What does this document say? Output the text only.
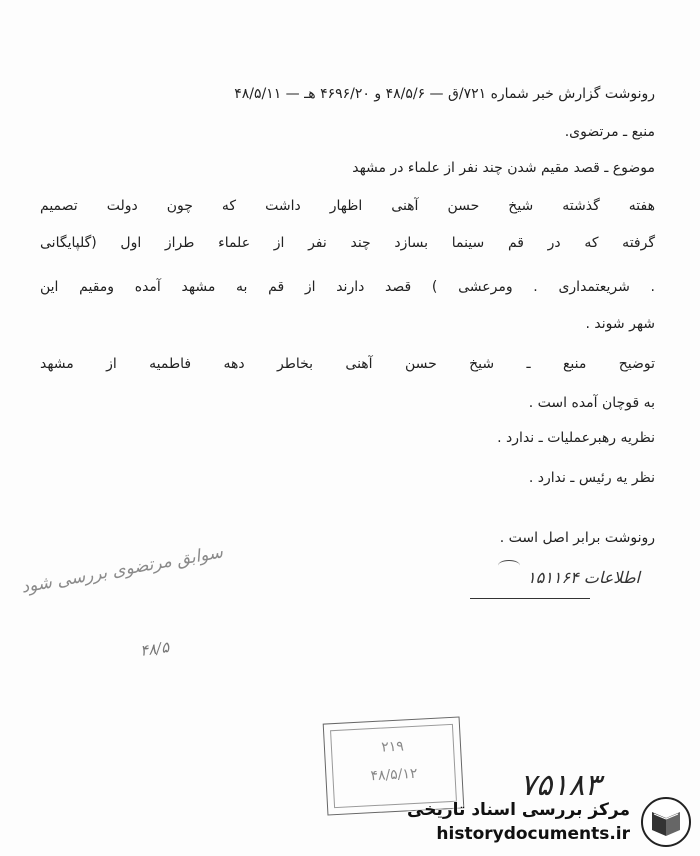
رونوشت گزارش خبر شماره ۷۲۱/ق — ۴۸/۵/۶ و ۴۶۹۶/۲۰ هـ — ۴۸/۵/۱۱
منبع ـ مرتضوی.
موضوع ـ قصد مقیم شدن چند نفر از علماء در مشهد
هفته گذشته شیخ حسن آهنی اظهار داشت که چون دولت تصمیم
گرفته که در قم سینما بسازد چند نفر از علماء طراز اول (گلپایگانی
. شریعتمداری . ومرعشی ) قصد دارند از قم به مشهد آمده ومقیم این
شهر شوند .
توضیح منبع ـ شیخ حسن آهنی بخاطر دهه فاطمیه از مشهد
به قوچان آمده است .
نظریه رهبرعملیات ـ ندارد .
نظر یه رئیس ـ ندارد .
رونوشت برابر اصل است .
اطلاعات ۱۵۱۱۶۴
سوابق مرتضوی بررسی شود
۴۸/۵
۲۱۹
۴۸/۵/۱۲	۷۵۱۸۳
مرکز بررسی اسناد تاریخی
historydocuments.ir
